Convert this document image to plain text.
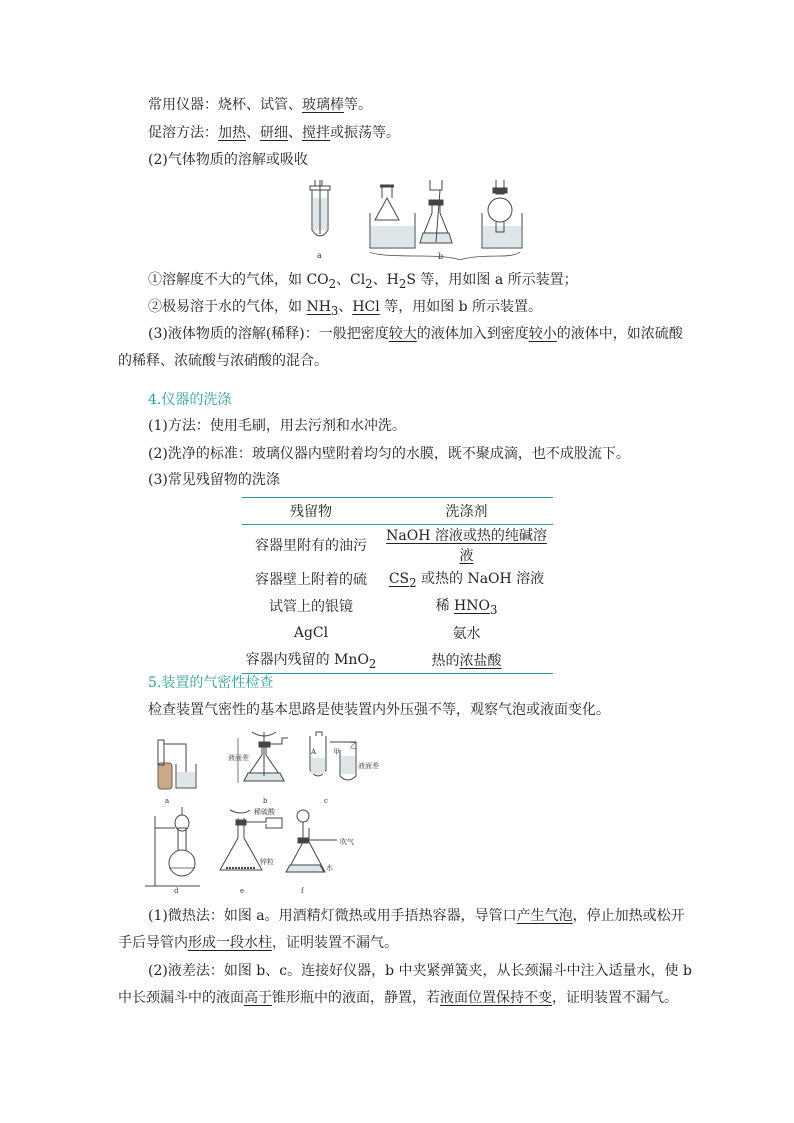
常用仪器：烧杯、试管、玻璃棒等。
促溶方法：加热、研细、搅拌或振荡等。
(2)气体物质的溶解或吸收
a	b
①溶解度不大的气体，如 $CO_2$、$Cl_2$、$H_2S$ 等，用如图 a 所示装置；
②极易溶于水的气体，如 $NH_3$、HCl 等，用如图 b 所示装置。
(3)液体物质的溶解(稀释)：一般把密度较大的液体加入到密度较小的液体中，如浓硫酸
的稀释、浓硫酸与浓硝酸的混合。
4.仪器的洗涤
(1)方法：使用毛刷，用去污剂和水冲洗。
(2)洗净的标准：玻璃仪器内壁附着均匀的水膜，既不聚成滴，也不成股流下。
(3)常见残留物的洗涤
残留物	洗涤剂
容器里附有的油污	NaOH 溶液或热的纯碱溶液
容器壁上附着的硫	$CS_2$ 或热的 NaOH 溶液
试管上的银镜	稀 $HNO_3$
AgCl	氨水
容器内残留的 MnO$_2$	热的浓盐酸
5.装置的气密性检查
检查装置气密性的基本思路是使装置内外压强不等，观察气泡或液面变化。
a	b	c
d	e	f
液面差
A 甲
乙
液面差
稀硫酸
锌粒
吹气
水
(1)微热法：如图 a。用酒精灯微热或用手捂热容器，导管口产生气泡，停止加热或松开
手后导管内形成一段水柱，证明装置不漏气。
(2)液差法：如图 b、c。连接好仪器，b 中夹紧弹簧夹，从长颈漏斗中注入适量水，使 b
中长颈漏斗中的液面高于锥形瓶中的液面，静置，若液面位置保持不变，证明装置不漏气。
